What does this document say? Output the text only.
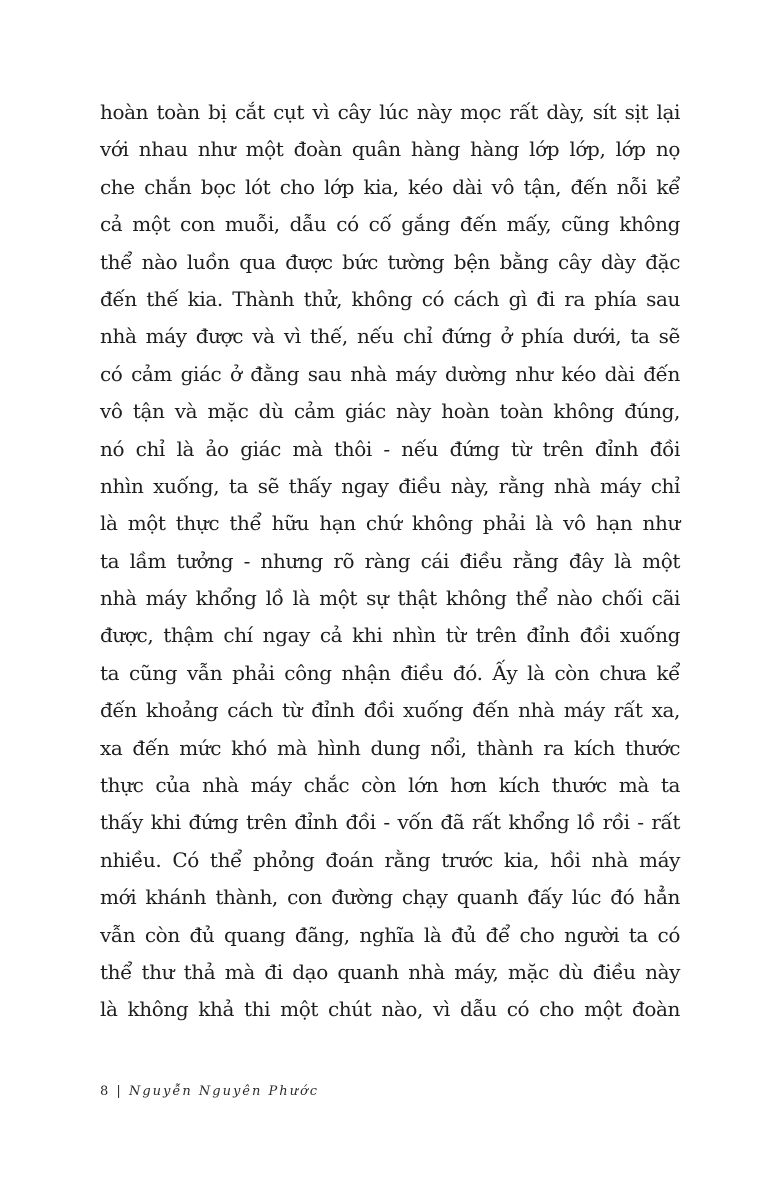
hoàn toàn bị cắt cụt vì cây lúc này mọc rất dày, sít sịt lại
với nhau như một đoàn quân hàng hàng lớp lớp, lớp nọ
che chắn bọc lót cho lớp kia, kéo dài vô tận, đến nỗi kể
cả một con muỗi, dẫu có cố gắng đến mấy, cũng không
thể nào luồn qua được bức tường bện bằng cây dày đặc
đến thế kia. Thành thử, không có cách gì đi ra phía sau
nhà máy được và vì thế, nếu chỉ đứng ở phía dưới, ta sẽ
có cảm giác ở đằng sau nhà máy dường như kéo dài đến
vô tận và mặc dù cảm giác này hoàn toàn không đúng,
nó chỉ là ảo giác mà thôi - nếu đứng từ trên đỉnh đồi
nhìn xuống, ta sẽ thấy ngay điều này, rằng nhà máy chỉ
là một thực thể hữu hạn chứ không phải là vô hạn như
ta lầm tưởng - nhưng rõ ràng cái điều rằng đây là một
nhà máy khổng lồ là một sự thật không thể nào chối cãi
được, thậm chí ngay cả khi nhìn từ trên đỉnh đồi xuống
ta cũng vẫn phải công nhận điều đó. Ấy là còn chưa kể
đến khoảng cách từ đỉnh đồi xuống đến nhà máy rất xa,
xa đến mức khó mà hình dung nổi, thành ra kích thước
thực của nhà máy chắc còn lớn hơn kích thước mà ta
thấy khi đứng trên đỉnh đồi - vốn đã rất khổng lồ rồi - rất
nhiều. Có thể phỏng đoán rằng trước kia, hồi nhà máy
mới khánh thành, con đường chạy quanh đấy lúc đó hẳn
vẫn còn đủ quang đãng, nghĩa là đủ để cho người ta có
thể thư thả mà đi dạo quanh nhà máy, mặc dù điều này
là không khả thi một chút nào, vì dẫu có cho một đoàn
8 | Nguyễn Nguyên Phước
